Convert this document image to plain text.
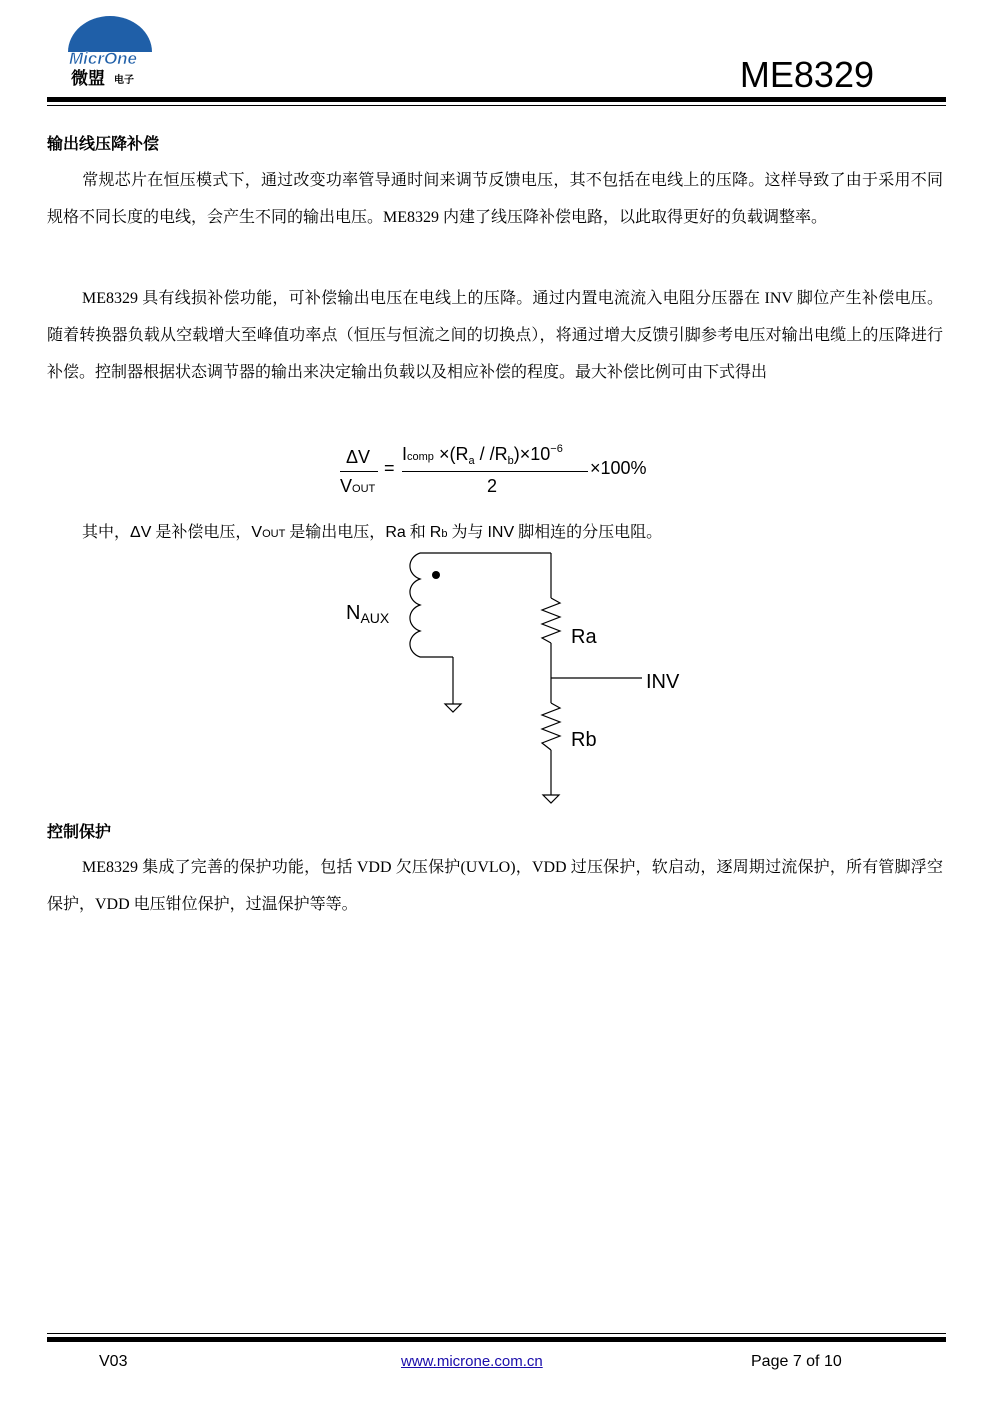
MicrOne
微盟 电子	ME8329
输出线压降补偿
常规芯片在恒压模式下，通过改变功率管导通时间来调节反馈电压，其不包括在电线上的压降。这样导致了由于采用不同规格不同长度的电线，会产生不同的输出电压。ME8329 内建了线压降补偿电路，以此取得更好的负载调整率。
ME8329 具有线损补偿功能，可补偿输出电压在电线上的压降。通过内置电流流入电阻分压器在 INV 脚位产生补偿电压。随着转换器负载从空载增大至峰值功率点（恒压与恒流之间的切换点），将通过增大反馈引脚参考电压对输出电缆上的压降进行补偿。控制器根据状态调节器的输出来决定输出负载以及相应补偿的程度。最大补偿比例可由下式得出
ΔV
VOUT
=
Icomp $\times(R_a / /R_b)\times 10^{-6}$
2
×100%
其中，ΔV 是补偿电压，VOUT 是输出电压，Ra 和 Rb 为与 INV 脚相连的分压电阻。
$N_{AUX}$
Ra
INV
Rb
控制保护
ME8329 集成了完善的保护功能，包括 VDD 欠压保护(UVLO)，VDD 过压保护，软启动，逐周期过流保护，所有管脚浮空保护，VDD 电压钳位保护，过温保护等等。
V03	www.microne.com.cn	Page 7 of 10
